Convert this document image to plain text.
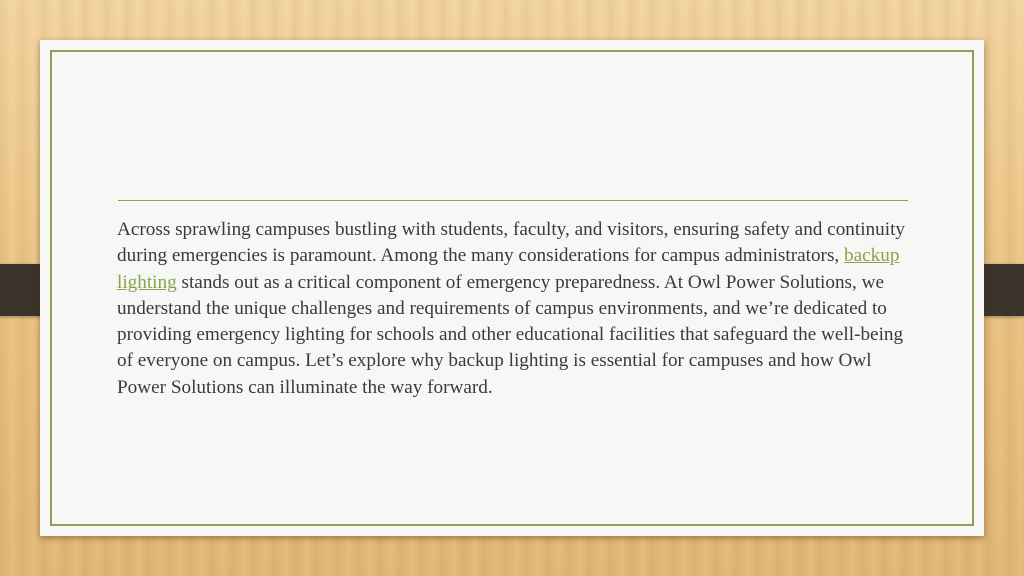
Across sprawling campuses bustling with students, faculty, and visitors, ensuring safety and continuity during emergencies is paramount. Among the many considerations for campus administrators, backup lighting stands out as a critical component of emergency preparedness. At Owl Power Solutions, we understand the unique challenges and requirements of campus environments, and we’re dedicated to providing emergency lighting for schools and other educational facilities that safeguard the well-being of everyone on campus. Let’s explore why backup lighting is essential for campuses and how Owl Power Solutions can illuminate the way forward.
